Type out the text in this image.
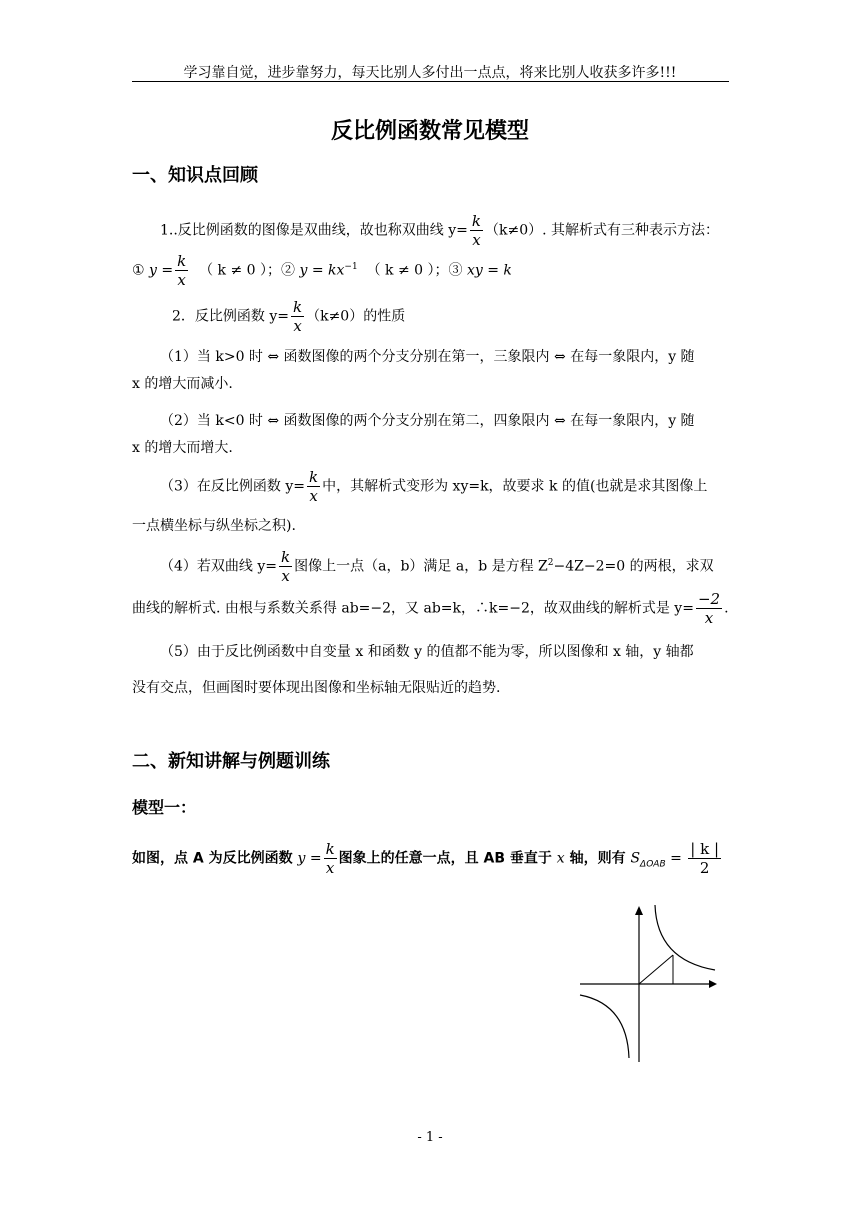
学习靠自觉，进步靠努力，每天比别人多付出一点点，将来比别人收获多许多!!!
反比例函数常见模型
一、知识点回顾
1..反比例函数的图像是双曲线，故也称双曲线 $y= \frac{k}{x} (k\ne 0)$. 其解析式有三种表示方法：
① $y = \frac{k}{x}$ （ k ≠ 0 ）；② $y = kx^{-1}$ （ k ≠ 0 ）；③ xy = k
2．反比例函数 $y= \frac{k}{x} (k\ne 0)$的性质
（1）当 k>0 时 ⇔ 函数图像的两个分支分别在第一，三象限内 ⇔ 在每一象限内，y 随
x 的增大而减小.
（2）当 k<0 时 ⇔ 函数图像的两个分支分别在第二，四象限内 ⇔ 在每一象限内，y 随
x 的增大而增大.
（3）在反比例函数 $y= \frac{k}{x}$ 中，其解析式变形为 xy=k，故要求 k 的值(也就是求其图像上
一点横坐标与纵坐标之积).
（4）若双曲线 $y= \frac{k}{x}$ 图像上一点（a，b）满足 a，b 是方程 $Z^2-4Z-2=0$ 的两根，求双
曲线的解析式. 由根与系数关系得 ab=−2，又 ab=k，∴k=−2，故双曲线的解析式是 $y= \frac{-2}{x}$ .
（5）由于反比例函数中自变量 x 和函数 y 的值都不能为零，所以图像和 x 轴，y 轴都
没有交点，但画图时要体现出图像和坐标轴无限贴近的趋势.
二、新知讲解与例题训练
模型一：
如图，点 A 为反比例函数 $y = \frac{k}{x}$ 图象上的任意一点，且 AB 垂直于 x 轴，则有 $S_{\Delta OAB} = \frac{| k |}{2}$
- 1 -
